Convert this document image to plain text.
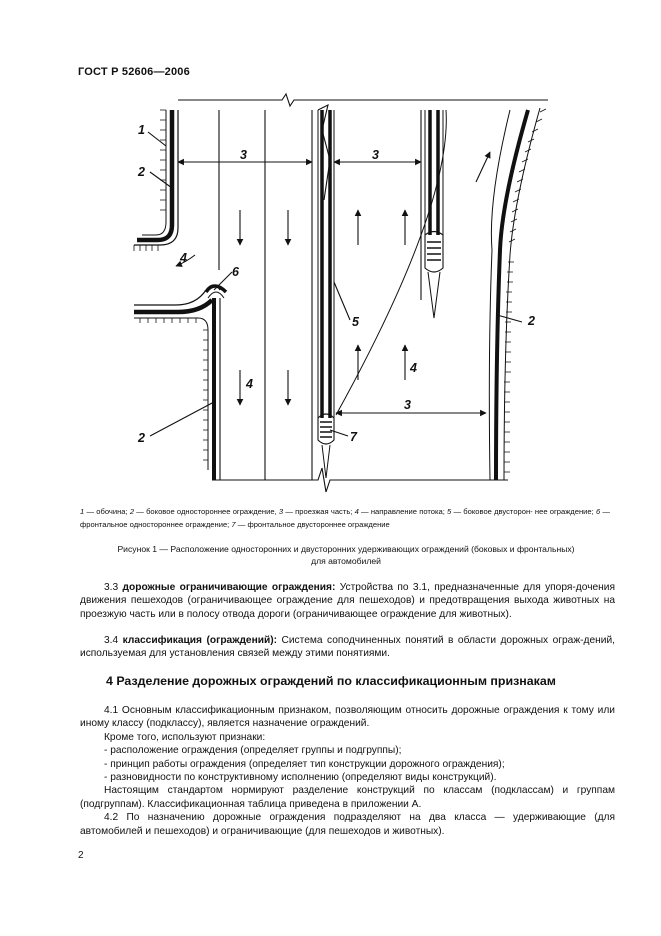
ГОСТ Р 52606—2006
1
2
3	3
4
6
5	2
4
4
3
2	7
1 — обочина; 2 — боковое одностороннее ограждение, 3 — проезжая часть; 4 — направление потока; 5 — боковое двусторон- нее ограждение; 6 — фронтальное одностороннее ограждение; 7 — фронтальное двустороннее ограждение
Рисунок 1 — Расположение односторонних и двусторонних удерживающих ограждений (боковых и фронтальных)
для автомобилей

3.3 дорожные ограничивающие ограждения: Устройства по 3.1, предназначенные для упоря-дочения движения пешеходов (ограничивающее ограждение для пешеходов) и предотвращения выхода животных на проезжую часть или в полосу отвода дороги (ограничивающее ограждение для животных).

3.4 классификация (ограждений): Система соподчиненных понятий в области дорожных ограж-дений, используемая для установления связей между этими понятиями.

4 Разделение дорожных ограждений по классификационным признакам

4.1 Основным классификационным признаком, позволяющим относить дорожные ограждения к тому или иному классу (подклассу), является назначение ограждений.

Кроме того, используют признаки:

- расположение ограждения (определяет группы и подгруппы);

- принцип работы ограждения (определяет тип конструкции дорожного ограждения);

- разновидности по конструктивному исполнению (определяют виды конструкций).

Настоящим стандартом нормируют разделение конструкций по классам (подклассам) и группам (подгруппам). Классификационная таблица приведена в приложении А.

4.2 По назначению дорожные ограждения подразделяют на два класса — удерживающие (для автомобилей и пешеходов) и ограничивающие (для пешеходов и животных).

2
